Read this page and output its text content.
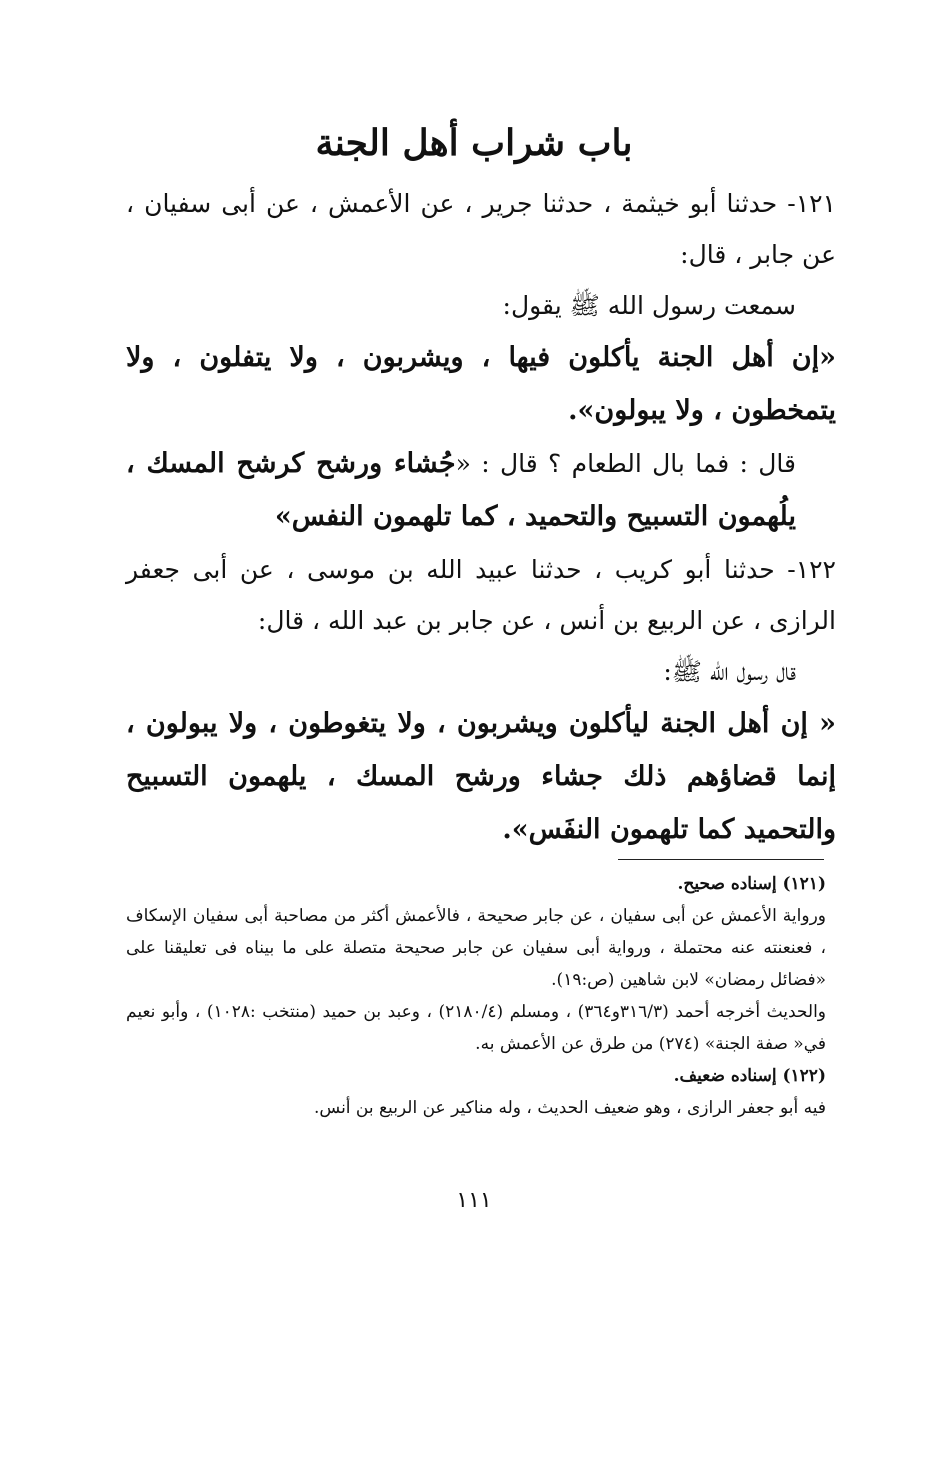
باب شراب أهل الجنة

١٢١- حدثنا أبو خيثمة ، حدثنا جرير ، عن الأعمش ، عن أبى سفيان ، عن جابر ، قال:

سمعت رسول الله ﷺ يقول:

«إن أهل الجنة يأكلون فيها ، ويشربون ، ولا يتفلون ، ولا يتمخطون ، ولا يبولون».

قال : فما بال الطعام ؟ قال : «جُشاء ورشح كرشح المسك ، يلُهمون التسبيح والتحميد ، كما تلهمون النفس»

١٢٢- حدثنا أبو كريب ، حدثنا عبيد الله بن موسى ، عن أبى جعفر الرازى ، عن الربيع بن أنس ، عن جابر بن عبد الله ، قال:

قال رسول الله ﷺ:

« إن أهل الجنة ليأكلون ويشربون ، ولا يتغوطون ، ولا يبولون ، إنما قضاؤهم ذلك جشاء ورشح المسك ، يلهمون التسبيح والتحميد كما تلهمون النفَس».

(١٢١) إسناده صحيح.

ورواية الأعمش عن أبى سفيان ، عن جابر صحيحة ، فالأعمش أكثر من مصاحبة أبى سفيان الإسكاف ، فعنعنته عنه محتملة ، ورواية أبى سفيان عن جابر صحيحة متصلة على ما بيناه فى تعليقنا على «فضائل رمضان» لابن شاهين (ص:١٩).

والحديث أخرجه أحمد (٣١٦/٣و٣٦٤) ، ومسلم (٢١٨٠/٤) ، وعبد بن حميد (منتخب :١٠٢٨) ، وأبو نعيم في« صفة الجنة» (٢٧٤) من طرق عن الأعمش به.

(١٢٢) إسناده ضعيف.

فيه أبو جعفر الرازى ، وهو ضعيف الحديث ، وله مناكير عن الربيع بن أنس.

١١١
